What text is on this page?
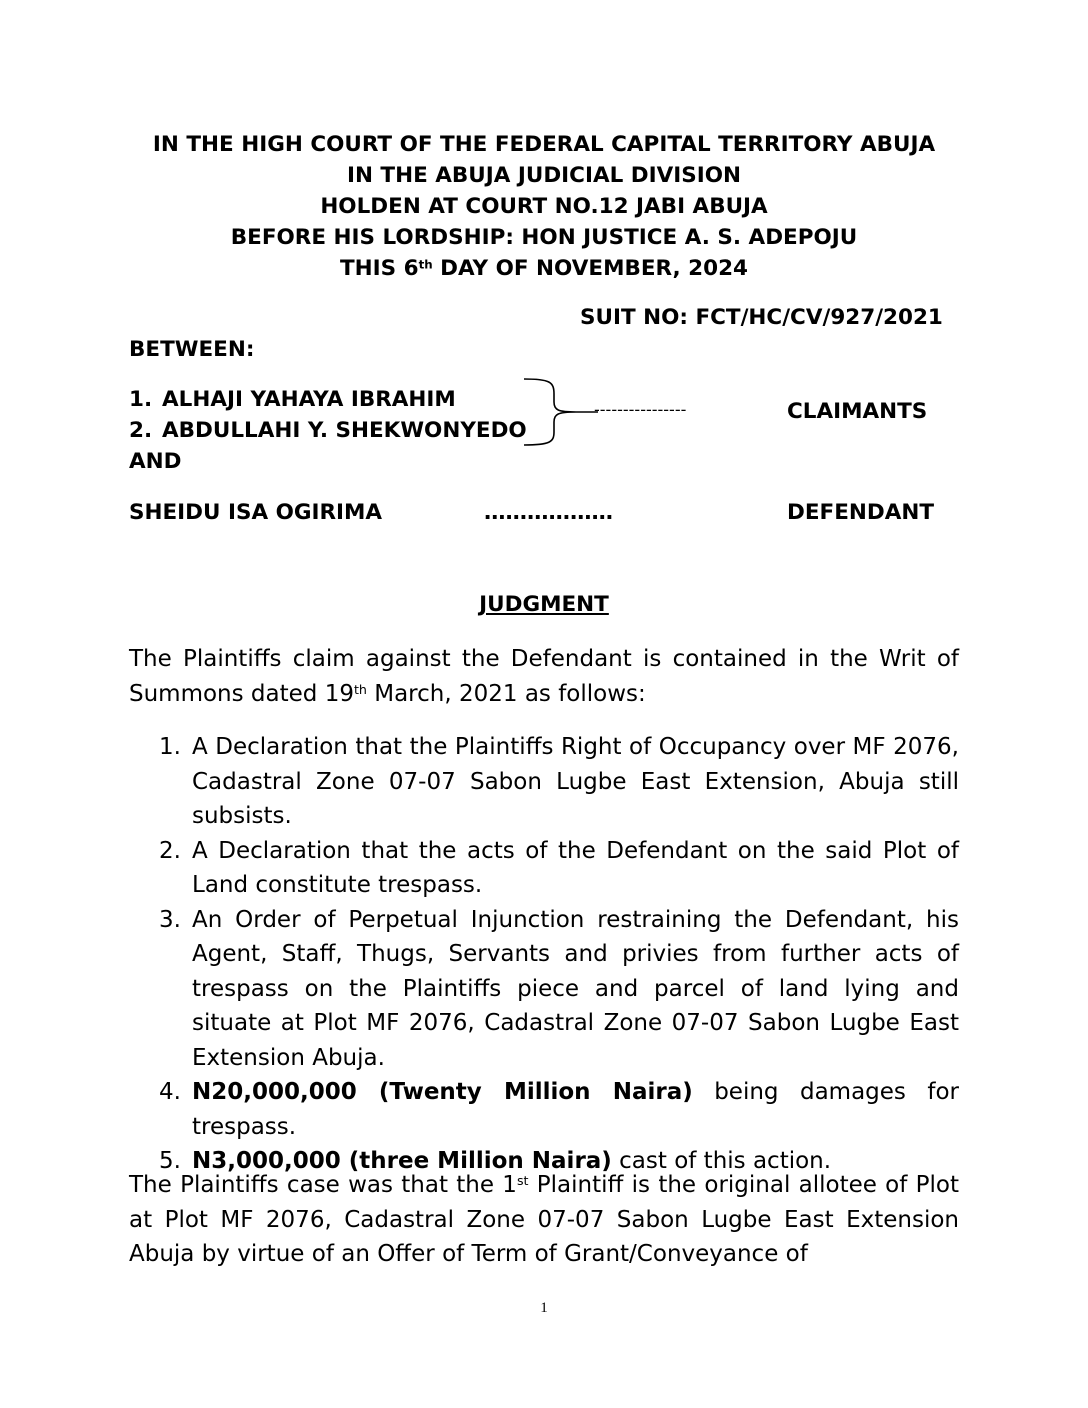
IN THE HIGH COURT OF THE FEDERAL CAPITAL TERRITORY ABUJA
IN THE ABUJA JUDICIAL DIVISION
HOLDEN AT COURT NO.12 JABI ABUJA
BEFORE HIS LORDSHIP: HON JUSTICE A. S. ADEPOJU
THIS 6th DAY OF NOVEMBER, 2024
SUIT NO: FCT/HC/CV/927/2021
BETWEEN:
1. ALHAJI YAHAYA IBRAHIM
2. ABDULLAHI Y. SHEKWONYEDO
AND
----------------	CLAIMANTS
SHEIDU ISA OGIRIMA	………………	DEFENDANT
JUDGMENT
The Plaintiffs claim against the Defendant is contained in the Writ of Summons dated 19th March, 2021 as follows:
1. A Declaration that the Plaintiffs Right of Occupancy over MF 2076, Cadastral Zone 07-07 Sabon Lugbe East Extension, Abuja still subsists.
2. A Declaration that the acts of the Defendant on the said Plot of Land constitute trespass.
3. An Order of Perpetual Injunction restraining the Defendant, his Agent, Staff, Thugs, Servants and privies from further acts of trespass on the Plaintiffs piece and parcel of land lying and situate at Plot MF 2076, Cadastral Zone 07-07 Sabon Lugbe East Extension Abuja.
4. N20,000,000 (Twenty Million Naira) being damages for trespass.
5. N3,000,000 (three Million Naira) cast of this action.
The Plaintiffs case was that the 1st Plaintiff is the original allotee of Plot at Plot MF 2076, Cadastral Zone 07-07 Sabon Lugbe East Extension Abuja by virtue of an Offer of Term of Grant/Conveyance of
1
